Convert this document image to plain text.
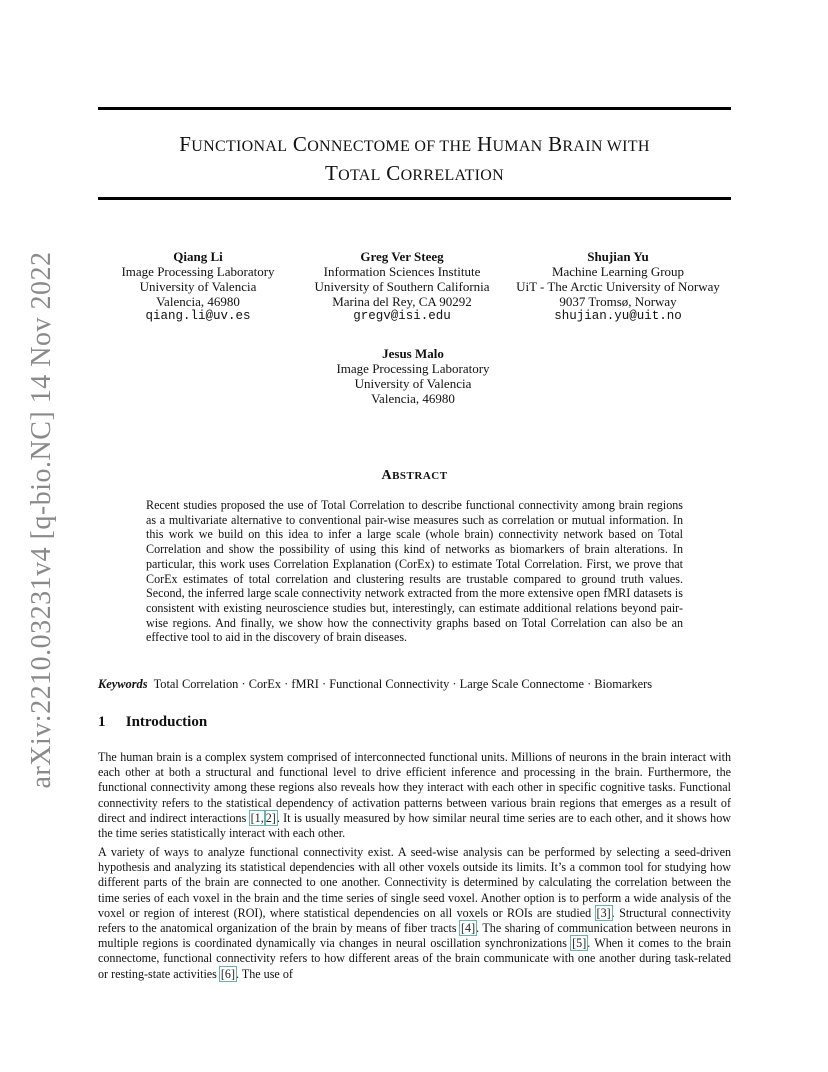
arXiv:2210.03231v4 [q-bio.NC] 14 Nov 2022
FUNCTIONAL CONNECTOME OF THE HUMAN BRAIN WITH
TOTAL CORRELATION
Qiang Li
Image Processing Laboratory
University of Valencia
Valencia, 46980
qiang.li@uv.es
Greg Ver Steeg
Information Sciences Institute
University of Southern California
Marina del Rey, CA 90292
gregv@isi.edu
Shujian Yu
Machine Learning Group
UiT - The Arctic University of Norway
9037 Tromsø, Norway
shujian.yu@uit.no
Jesus Malo
Image Processing Laboratory
University of Valencia
Valencia, 46980
ABSTRACT
Recent studies proposed the use of Total Correlation to describe functional connectivity among brain regions as a multivariate alternative to conventional pair-wise measures such as correlation or mutual information. In this work we build on this idea to infer a large scale (whole brain) connectivity network based on Total Correlation and show the possibility of using this kind of networks as biomarkers of brain alterations. In particular, this work uses Correlation Explanation (CorEx) to estimate Total Correlation. First, we prove that CorEx estimates of total correlation and clustering results are trustable compared to ground truth values. Second, the inferred large scale connectivity network extracted from the more extensive open fMRI datasets is consistent with existing neuroscience studies but, interestingly, can estimate additional relations beyond pair-wise regions. And finally, we show how the connectivity graphs based on Total Correlation can also be an effective tool to aid in the discovery of brain diseases.
Keywords Total Correlation · CorEx · fMRI · Functional Connectivity · Large Scale Connectome · Biomarkers
1 Introduction
The human brain is a complex system comprised of interconnected functional units. Millions of neurons in the brain interact with each other at both a structural and functional level to drive efficient inference and processing in the brain. Furthermore, the functional connectivity among these regions also reveals how they interact with each other in specific cognitive tasks. Functional connectivity refers to the statistical dependency of activation patterns between various brain regions that emerges as a result of direct and indirect interactions [1, 2]. It is usually measured by how similar neural time series are to each other, and it shows how the time series statistically interact with each other.
A variety of ways to analyze functional connectivity exist. A seed-wise analysis can be performed by selecting a seed-driven hypothesis and analyzing its statistical dependencies with all other voxels outside its limits. It’s a common tool for studying how different parts of the brain are connected to one another. Connectivity is determined by calculating the correlation between the time series of each voxel in the brain and the time series of single seed voxel. Another option is to perform a wide analysis of the voxel or region of interest (ROI), where statistical dependencies on all voxels or ROIs are studied [3]. Structural connectivity refers to the anatomical organization of the brain by means of fiber tracts [4]. The sharing of communication between neurons in multiple regions is coordinated dynamically via changes in neural oscillation synchronizations [5]. When it comes to the brain connectome, functional connectivity refers to how different areas of the brain communicate with one another during task-related or resting-state activities [6]. The use of
